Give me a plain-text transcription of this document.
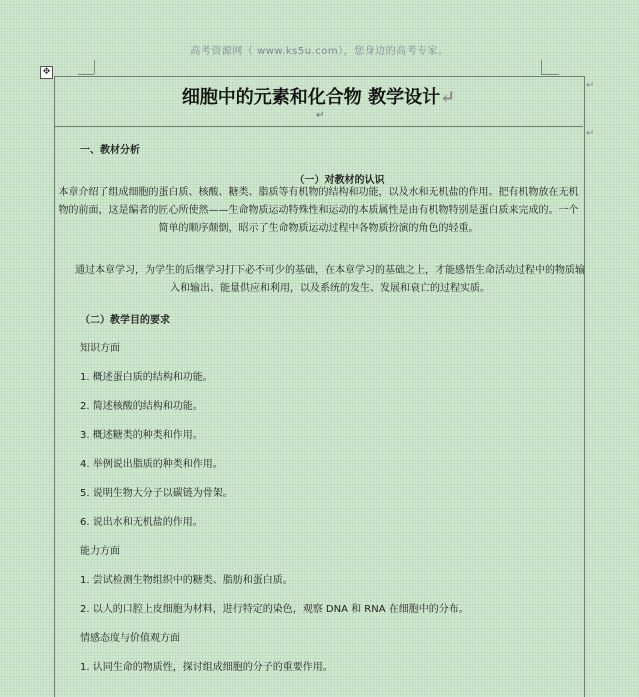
高考资源网（ www.ks5u.com），您身边的高考专家。
✥
细胞中的元素和化合物 教学设计↵
↵
↵
↵
一、教材分析
（一）对教材的认识
本章介绍了组成细胞的蛋白质、核酸、糖类、脂质等有机物的结构和功能，以及水和无机盐的作用。把有机物放在无机物的前面，这是编者的匠心所使然——生命物质运动特殊性和运动的本质属性是由有机物特别是蛋白质来完成的。一个简单的顺序颠倒，昭示了生命物质运动过程中各物质扮演的角色的轻重。
通过本章学习，为学生的后继学习打下必不可少的基础，在本章学习的基础之上，才能感悟生命活动过程中的物质输入和输出、能量供应和利用，以及系统的发生、发展和衰亡的过程实质。
（二）教学目的要求
知识方面
1. 概述蛋白质的结构和功能。
2. 简述核酸的结构和功能。
3. 概述糖类的种类和作用。
4. 举例说出脂质的种类和作用。
5. 说明生物大分子以碳链为骨架。
6. 说出水和无机盐的作用。
能力方面
1. 尝试检测生物组织中的糖类、脂肪和蛋白质。
2. 以人的口腔上皮细胞为材料，进行特定的染色，观察 DNA 和 RNA 在细胞中的分布。
情感态度与价值观方面
1. 认同生命的物质性，探讨组成细胞的分子的重要作用。
